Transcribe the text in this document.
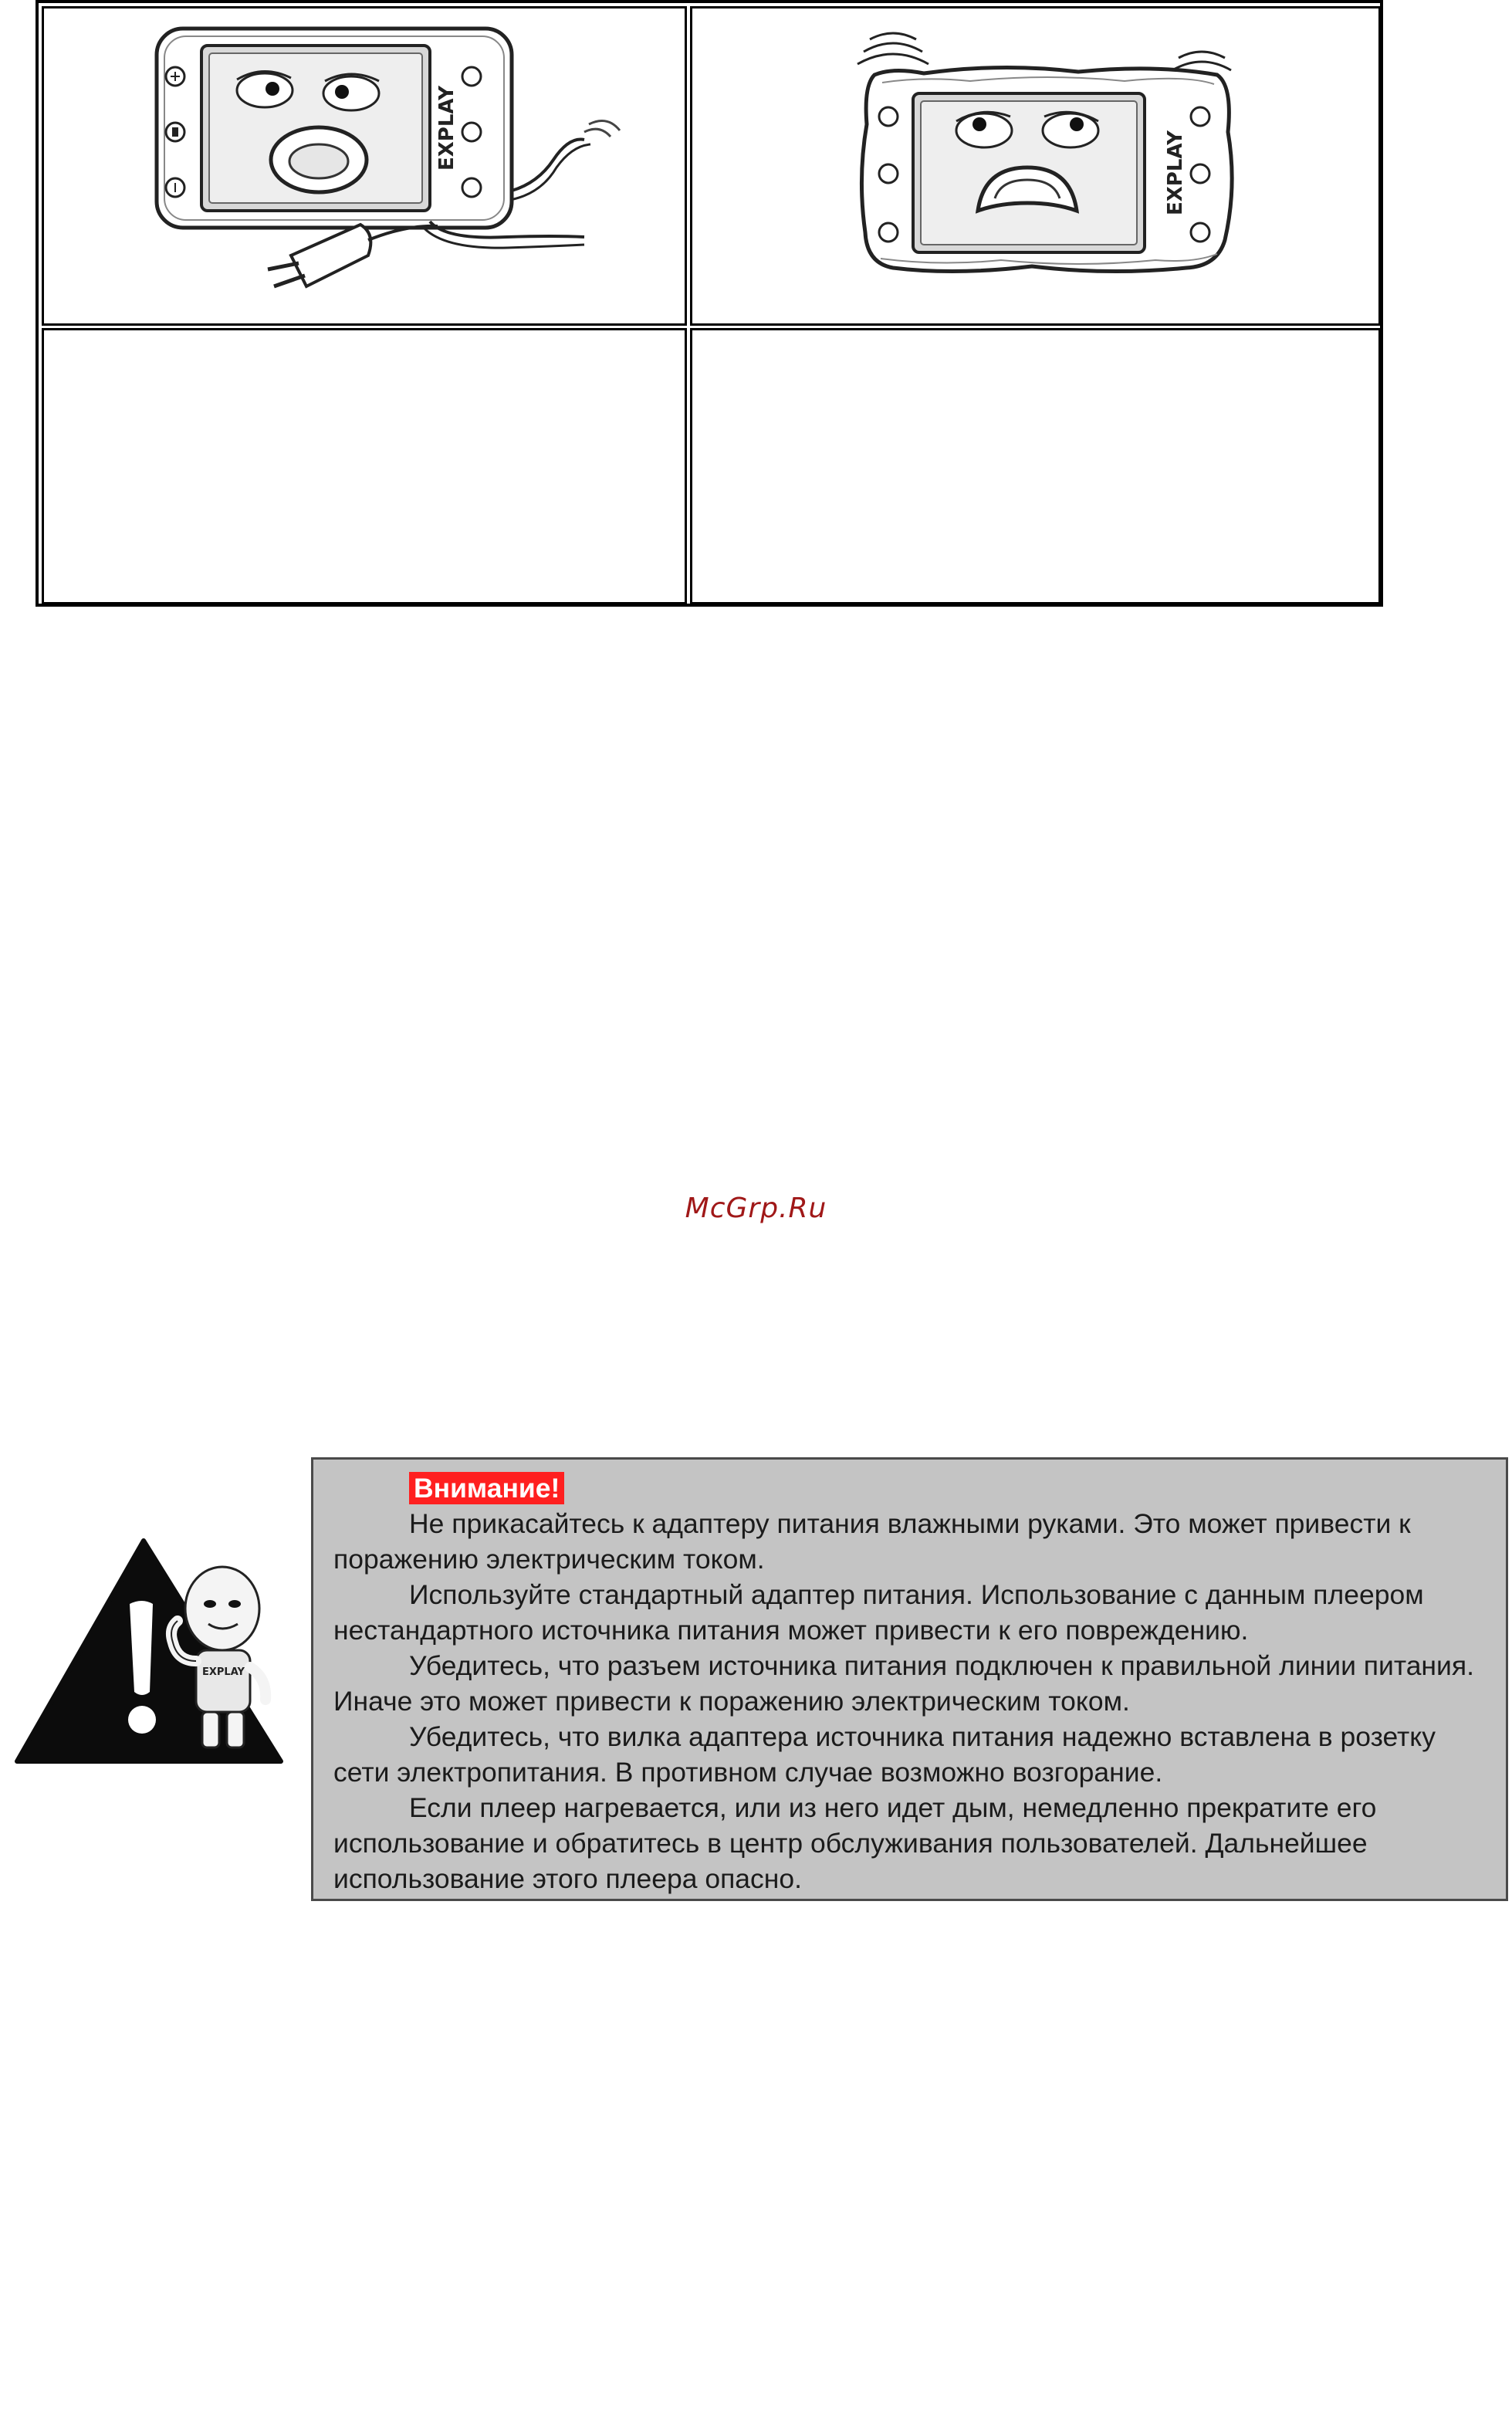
EXPLAY
EXPLAY
McGrp.Ru
EXPLAY
Внимание!

Не прикасайтесь к адаптеру питания влажными руками. Это может привести к поражению электрическим током.

Используйте стандартный адаптер питания. Использование с данным плеером нестандартного источника питания может привести к его повреждению.

Убедитесь, что разъем источника питания подключен к правильной линии питания. Иначе это может привести к поражению электрическим током.

Убедитесь, что вилка адаптера источника питания надежно вставлена в розетку сети электропитания. В противном случае возможно возгорание.

Если плеер нагревается, или из него идет дым, немедленно прекратите его использование и обратитесь в центр обслуживания пользователей. Дальнейшее использование этого плеера опасно.
